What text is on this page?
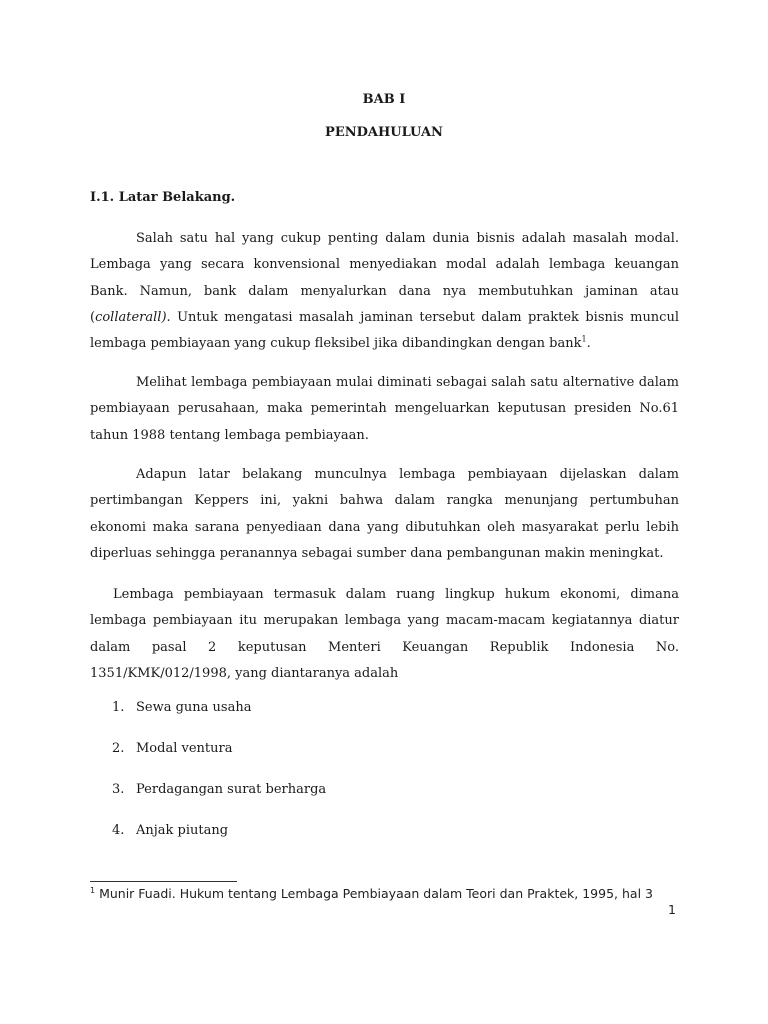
BAB I
PENDAHULUAN
I.1. Latar Belakang.

Salah satu hal yang cukup penting dalam dunia bisnis adalah masalah modal. Lembaga yang secara konvensional menyediakan modal adalah lembaga keuangan Bank. Namun, bank dalam menyalurkan dana nya membutuhkan jaminan atau (collaterall). Untuk mengatasi masalah jaminan tersebut dalam praktek bisnis muncul lembaga pembiayaan yang cukup fleksibel jika dibandingkan dengan bank$^1$.

Melihat lembaga pembiayaan mulai diminati sebagai salah satu alternative dalam pembiayaan perusahaan, maka pemerintah mengeluarkan keputusan presiden No.61 tahun 1988 tentang lembaga pembiayaan.

Adapun latar belakang munculnya lembaga pembiayaan dijelaskan dalam pertimbangan Keppers ini, yakni bahwa dalam rangka menunjang pertumbuhan ekonomi maka sarana penyediaan dana yang dibutuhkan oleh masyarakat perlu lebih diperluas sehingga peranannya sebagai sumber dana pembangunan makin meningkat.

Lembaga pembiayaan termasuk dalam ruang lingkup hukum ekonomi, dimana lembaga pembiayaan itu merupakan lembaga yang macam-macam kegiatannya diatur dalam pasal 2 keputusan Menteri Keuangan Republik Indonesia No. 1351/KMK/012/1998, yang diantaranya adalah

1. Sewa guna usaha
2. Modal ventura
3. Perdagangan surat berharga
4. Anjak piutang
$^1$ Munir Fuadi. Hukum tentang Lembaga Pembiayaan dalam Teori dan Praktek, 1995, hal 3
1
